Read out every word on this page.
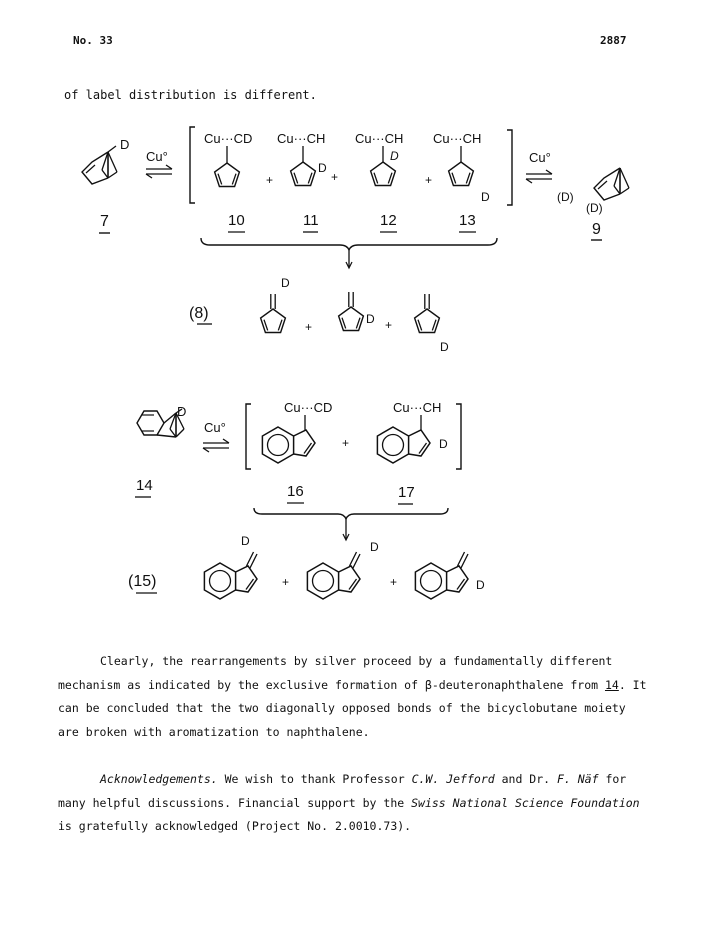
No. 33	2887
of label distribution is different.
D
7
Cu°
Cu···CD
+
Cu···CH
D
+
Cu···CH
D
+
Cu···CH
D
Cu°
(D)
(D)
9
10	11	12	13
(8)
D
+
D +
D
D
14
Cu°
Cu···CD
+
Cu···CH
D
16	17
(15)
D
+
D
+	D

Clearly, the rearrangements by silver proceed by a fundamentally different mechanism as indicated by the exclusive formation of β-deuteronaphthalene from 14. It can be concluded that the two diagonally opposed bonds of the bicyclobutane moiety are broken with aromatization to naphthalene.

Acknowledgements. We wish to thank Professor C.W. Jefford and Dr. F. Näf for many helpful discussions. Financial support by the Swiss National Science Foundation is gratefully acknowledged (Project No. 2.0010.73).
